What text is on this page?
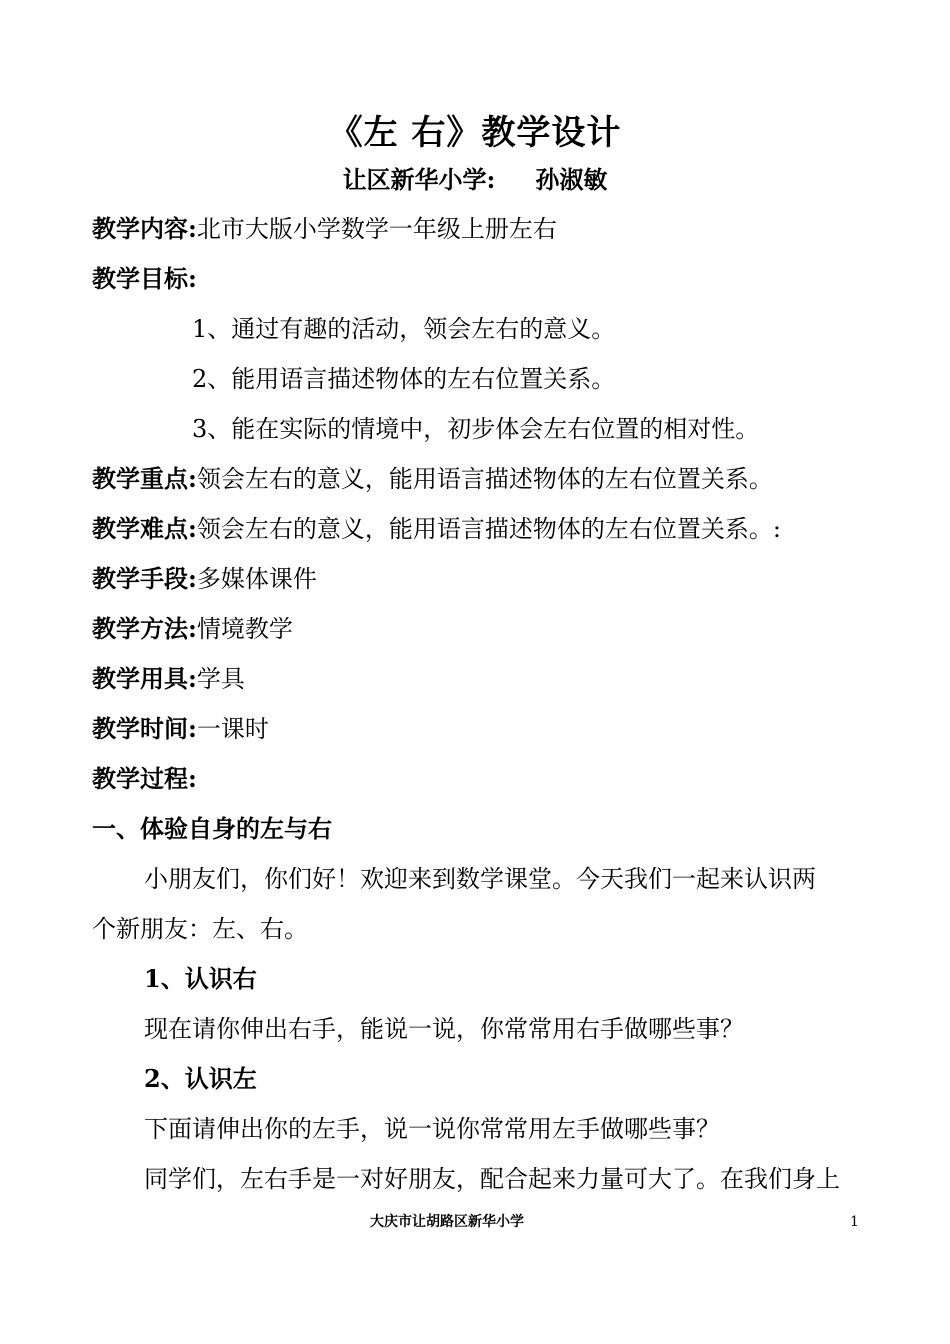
《左 右》教学设计
让区新华小学: 孙淑敏
教学内容:北市大版小学数学一年级上册左右
教学目标:
1、通过有趣的活动，领会左右的意义。
2、能用语言描述物体的左右位置关系。
3、能在实际的情境中，初步体会左右位置的相对性。
教学重点:领会左右的意义，能用语言描述物体的左右位置关系。
教学难点:领会左右的意义，能用语言描述物体的左右位置关系。:
教学手段:多媒体课件
教学方法:情境教学
教学用具:学具
教学时间:一课时
教学过程:
一、体验自身的左与右
小朋友们，你们好！欢迎来到数学课堂。今天我们一起来认识两
个新朋友：左、右。
1、认识右
现在请你伸出右手，能说一说，你常常用右手做哪些事？
2、认识左
下面请伸出你的左手，说一说你常常用左手做哪些事？
同学们，左右手是一对好朋友，配合起来力量可大了。在我们身上
大庆市让胡路区新华小学	1
